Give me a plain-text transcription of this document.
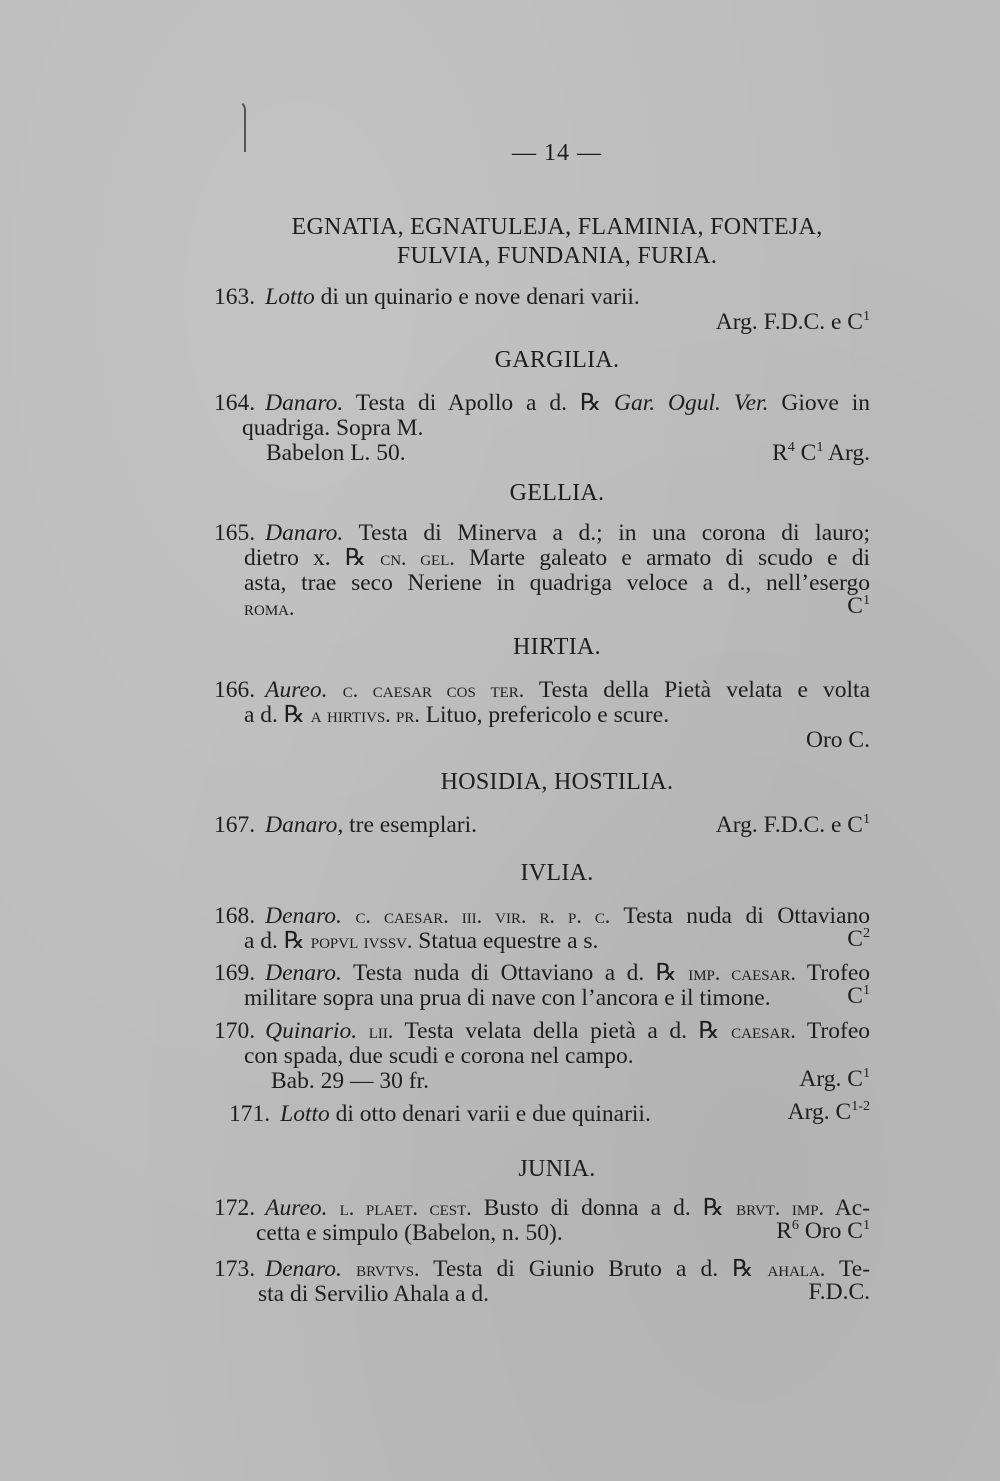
— 14 —
EGNATIA, EGNATULEJA, FLAMINIA, FONTEJA,
FULVIA, FUNDANIA, FURIA.
163. Lotto di un quinario e nove denari varii.
Arg. F.D.C. e $C^1$
GARGILIA.
164. Danaro. Testa di Apollo a d. ℞ Gar. Ogul. Ver. Giove in
quadriga. Sopra M.
Babelon L. 50.	$R^4$ $C^1$ Arg.
GELLIA.
165. Danaro. Testa di Minerva a d.; in una corona di lauro;
dietro x. ℞ cn. gel. Marte galeato e armato di scudo e di
asta, trae seco Neriene in quadriga veloce a d., nell’esergo
roma.	$C^1$
HIRTIA.
166. Aureo. c. caesar cos ter. Testa della Pietà velata e volta
a d. ℞ a hirtivs. pr. Lituo, prefericolo e scure.
Oro C.
HOSIDIA, HOSTILIA.
167. Danaro, tre esemplari.	Arg. F.D.C. e $C^1$
IVLIA.
168. Denaro. c. caesar. iii. vir. r. p. c. Testa nuda di Ottaviano
a d. ℞ popvl ivssv. Statua equestre a s.	$C^2$
169. Denaro. Testa nuda di Ottaviano a d. ℞ imp. caesar. Trofeo
militare sopra una prua di nave con l’ancora e il timone.	$C^1$
170. Quinario. lii. Testa velata della pietà a d. ℞ caesar. Trofeo
con spada, due scudi e corona nel campo.
Bab. 29 — 30 fr.	Arg. $C^1$
171. Lotto di otto denari varii e due quinarii.	Arg. $C^{1-2}$
JUNIA.
172. Aureo. l. plaet. cest. Busto di donna a d. ℞ brvt. imp. Ac-
cetta e simpulo (Babelon, n. 50).	$R^6$ Oro $C^1$
173. Denaro. brvtvs. Testa di Giunio Bruto a d. ℞ ahala. Te-
sta di Servilio Ahala a d.	F.D.C.
